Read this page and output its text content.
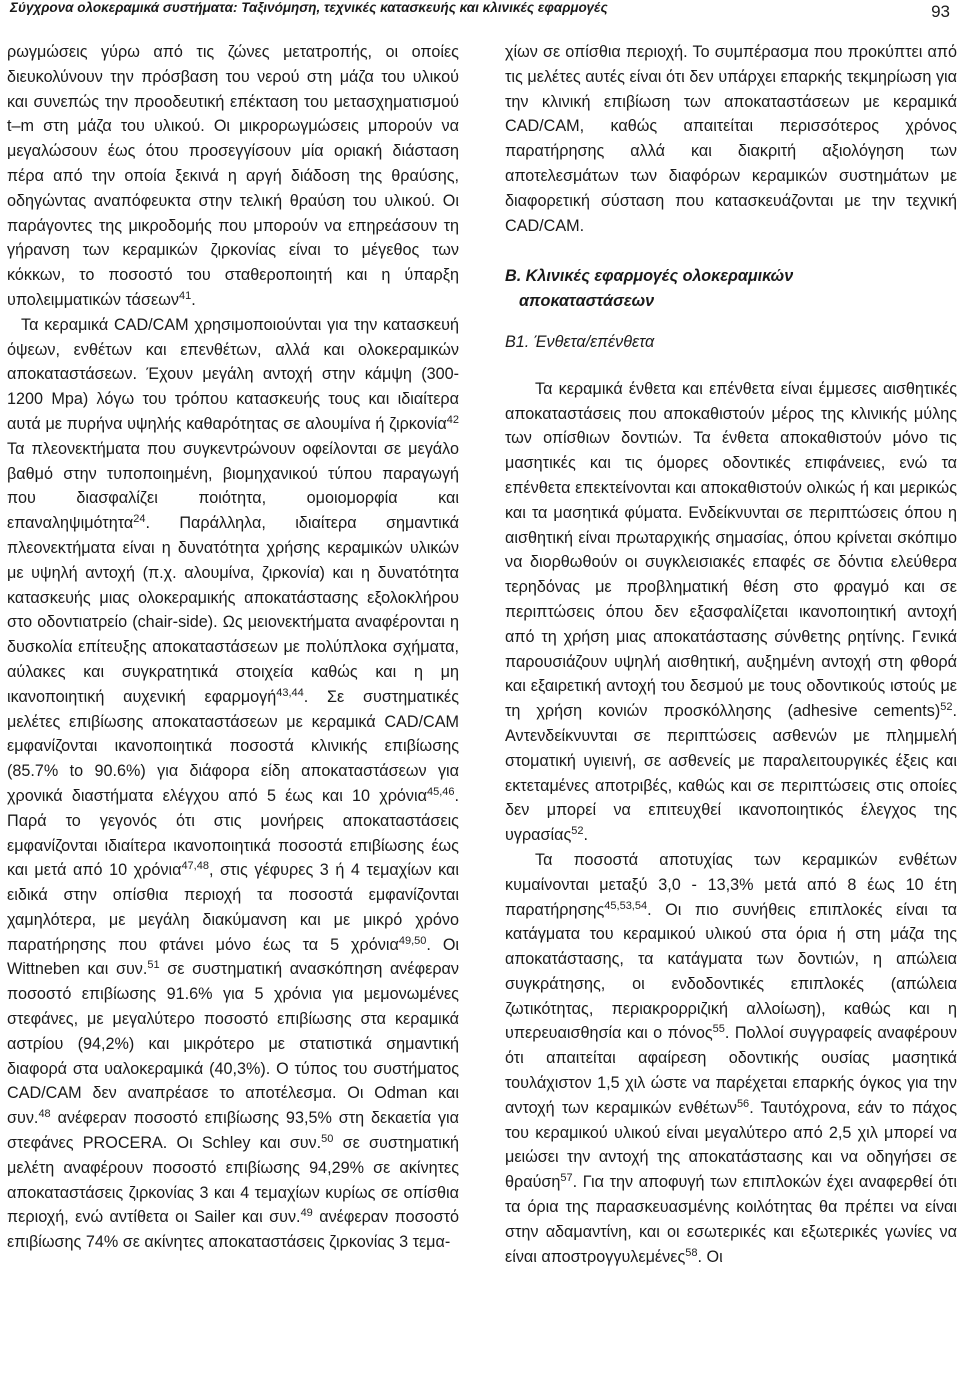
Σύγχρονα ολοκεραμικά συστήματα: Ταξινόμηση, τεχνικές κατασκευής και κλινικές εφαρμογές	93

ρωγμώσεις γύρω από τις ζώνες μετατροπής, οι οποίες διευκολύνουν την πρόσβαση του νερού στη μάζα του υλικού και συνεπώς την προοδευτική επέκταση του μετασχηματισμού t–m στη μάζα του υλικού. Οι μικρορωγμώσεις μπορούν να μεγαλώσουν έως ότου προσεγγίσουν μία οριακή διάσταση πέρα από την οποία ξεκινά η αργή διάδοση της θραύσης, οδηγώντας αναπόφευκτα στην τελική θραύση του υλικού. Οι παράγοντες της μικροδομής που μπορούν να επηρεάσουν τη γήρανση των κεραμικών ζιρκονίας είναι το μέγεθος των κόκκων, το ποσοστό του σταθεροποιητή και η ύπαρξη υπολειμματικών τάσεων$^{41}$.

Τα κεραμικά CAD/CAM χρησιμοποιούνται για την κατασκευή όψεων, ενθέτων και επενθέτων, αλλά και ολοκεραμικών αποκαταστάσεων. Έχουν μεγάλη αντοχή στην κάμψη (300-1200 Mpa) λόγω του τρόπου κατασκευής τους και ιδιαίτερα αυτά με πυρήνα υψηλής καθαρότητας σε αλουμίνα ή ζιρκονία$^{42}$ Τα πλεονεκτήματα που συγκεντρώνουν οφείλονται σε μεγάλο βαθμό στην τυποποιημένη, βιομηχανικού τύπου παραγωγή που διασφαλίζει ποιότητα, ομοιομορφία και επαναληψιμότητα$^{24}$. Παράλληλα, ιδιαίτερα σημαντικά πλεονεκτήματα είναι η δυνατότητα χρήσης κεραμικών υλικών με υψηλή αντοχή (π.χ. αλουμίνα, ζιρκονία) και η δυνατότητα κατασκευής μιας ολοκεραμικής αποκατάστασης εξολοκλήρου στο οδοντιατρείο (chair-side). Ως μειονεκτήματα αναφέρονται η δυσκολία επίτευξης αποκαταστάσεων με πολύπλοκα σχήματα, αύλακες και συγκρατητικά στοιχεία καθώς και η μη ικανοποιητική αυχενική εφαρμογή$^{43,44}$. Σε συστηματικές μελέτες επιβίωσης αποκαταστάσεων με κεραμικά CAD/CAM εμφανίζονται ικανοποιητικά ποσοστά κλινικής επιβίωσης (85.7% to 90.6%) για διάφορα είδη αποκαταστάσεων για χρονικά διαστήματα ελέγχου από 5 έως και 10 χρόνια$^{45,46}$. Παρά το γεγονός ότι στις μονήρεις αποκαταστάσεις εμφανίζονται ιδιαίτερα ικανοποιητικά ποσοστά επιβίωσης έως και μετά από 10 χρόνια$^{47,48}$, στις γέφυρες 3 ή 4 τεμαχίων και ειδικά στην οπίσθια περιοχή τα ποσοστά εμφανίζονται χαμηλότερα, με μεγάλη διακύμανση και με μικρό χρόνο παρατήρησης που φτάνει μόνο έως τα 5 χρόνια$^{49,50}$. Οι Wittneben και συν.$^{51}$ σε συστηματική ανασκόπηση ανέφεραν ποσοστό επιβίωσης 91.6% για 5 χρόνια για μεμονωμένες στεφάνες, με μεγαλύτερο ποσοστό επιβίωσης στα κεραμικά αστρίου (94,2%) και μικρότερο με στατιστικά σημαντική διαφορά στα υαλοκεραμικά (40,3%). Ο τύπος του συστήματος CAD/CAM δεν αναπρέασε το αποτέλεσμα. Οι Odman και συν.$^{48}$ ανέφεραν ποσοστό επιβίωσης 93,5% στη δεκαετία για στεφάνες PROCERA. Οι Schley και συν.$^{50}$ σε συστηματική μελέτη αναφέρουν ποσοστό επιβίωσης 94,29% σε ακίνητες αποκαταστάσεις ζιρκονίας 3 και 4 τεμαχίων κυρίως σε οπίσθια περιοχή, ενώ αντίθετα οι Sailer και συν.$^{49}$ ανέφεραν ποσοστό επιβίωσης 74% σε ακίνητες αποκαταστάσεις ζιρκονίας 3 τεμα-

χίων σε οπίσθια περιοχή. Το συμπέρασμα που προκύπτει από τις μελέτες αυτές είναι ότι δεν υπάρχει επαρκής τεκμηρίωση για την κλινική επιβίωση των αποκαταστάσεων με κεραμικά CAD/CAM, καθώς απαιτείται περισσότερος χρόνος παρατήρησης αλλά και διακριτή αξιολόγηση των αποτελεσμάτων των διαφόρων κεραμικών συστημάτων με διαφορετική σύσταση που κατασκευάζονται με την τεχνική CAD/CAM.

B. Κλινικές εφαρμογές ολοκεραμικών
αποκαταστάσεων
B1. Ένθετα/επένθετα

Τα κεραμικά ένθετα και επένθετα είναι έμμεσες αισθητικές αποκαταστάσεις που αποκαθιστούν μέρος της κλινικής μύλης των οπίσθιων δοντιών. Τα ένθετα αποκαθιστούν μόνο τις μασητικές και τις όμορες οδοντικές επιφάνειες, ενώ τα επένθετα επεκτείνονται και αποκαθιστούν ολικώς ή και μερικώς και τα μασητικά φύματα. Ενδείκνυνται σε περιπτώσεις όπου η αισθητική είναι πρωταρχικής σημασίας, όπου κρίνεται σκόπιμο να διορθωθούν οι συγκλεισιακές επαφές σε δόντια ελεύθερα τερηδόνας με προβληματική θέση στο φραγμό και σε περιπτώσεις όπου δεν εξασφαλίζεται ικανοποιητική αντοχή από τη χρήση μιας αποκατάστασης σύνθετης ρητίνης. Γενικά παρουσιάζουν υψηλή αισθητική, αυξημένη αντοχή στη φθορά και εξαιρετική αντοχή του δεσμού με τους οδοντικούς ιστούς με τη χρήση κονιών προσκόλλησης (adhesive cements)$^{52}$. Αντενδείκνυνται σε περιπτώσεις ασθενών με πλημμελή στοματική υγιεινή, σε ασθενείς με παραλειτουργικές έξεις και εκτεταμένες αποτριβές, καθώς και σε περιπτώσεις στις οποίες δεν μπορεί να επιτευχθεί ικανοποιητικός έλεγχος της υγρασίας$^{52}$.

Τα ποσοστά αποτυχίας των κεραμικών ενθέτων κυμαίνονται μεταξύ 3,0 - 13,3% μετά από 8 έως 10 έτη παρατήρησης$^{45,53,54}$. Οι πιο συνήθεις επιπλοκές είναι τα κατάγματα του κεραμικού υλικού στα όρια ή στη μάζα της αποκατάστασης, τα κατάγματα των δοντιών, η απώλεια συγκράτησης, οι ενδοδοντικές επιπλοκές (απώλεια ζωτικότητας, περιακρορριζική αλλοίωση), καθώς και η υπερευαισθησία και ο πόνος$^{55}$. Πολλοί συγγραφείς αναφέρουν ότι απαιτείται αφαίρεση οδοντικής ουσίας μασητικά τουλάχιστον 1,5 χιλ ώστε να παρέχεται επαρκής όγκος για την αντοχή των κεραμικών ενθέτων$^{56}$. Ταυτόχρονα, εάν το πάχος του κεραμικού υλικού είναι μεγαλύτερο από 2,5 χιλ μπορεί να μειώσει την αντοχή της αποκατάστασης και να οδηγήσει σε θραύση$^{57}$. Για την αποφυγή των επιπλοκών έχει αναφερθεί ότι τα όρια της παρασκευασμένης κοιλότητας θα πρέπει να είναι στην αδαμαντίνη, και οι εσωτερικές και εξωτερικές γωνίες να είναι αποστρογγυλεμένες$^{58}$. Οι
